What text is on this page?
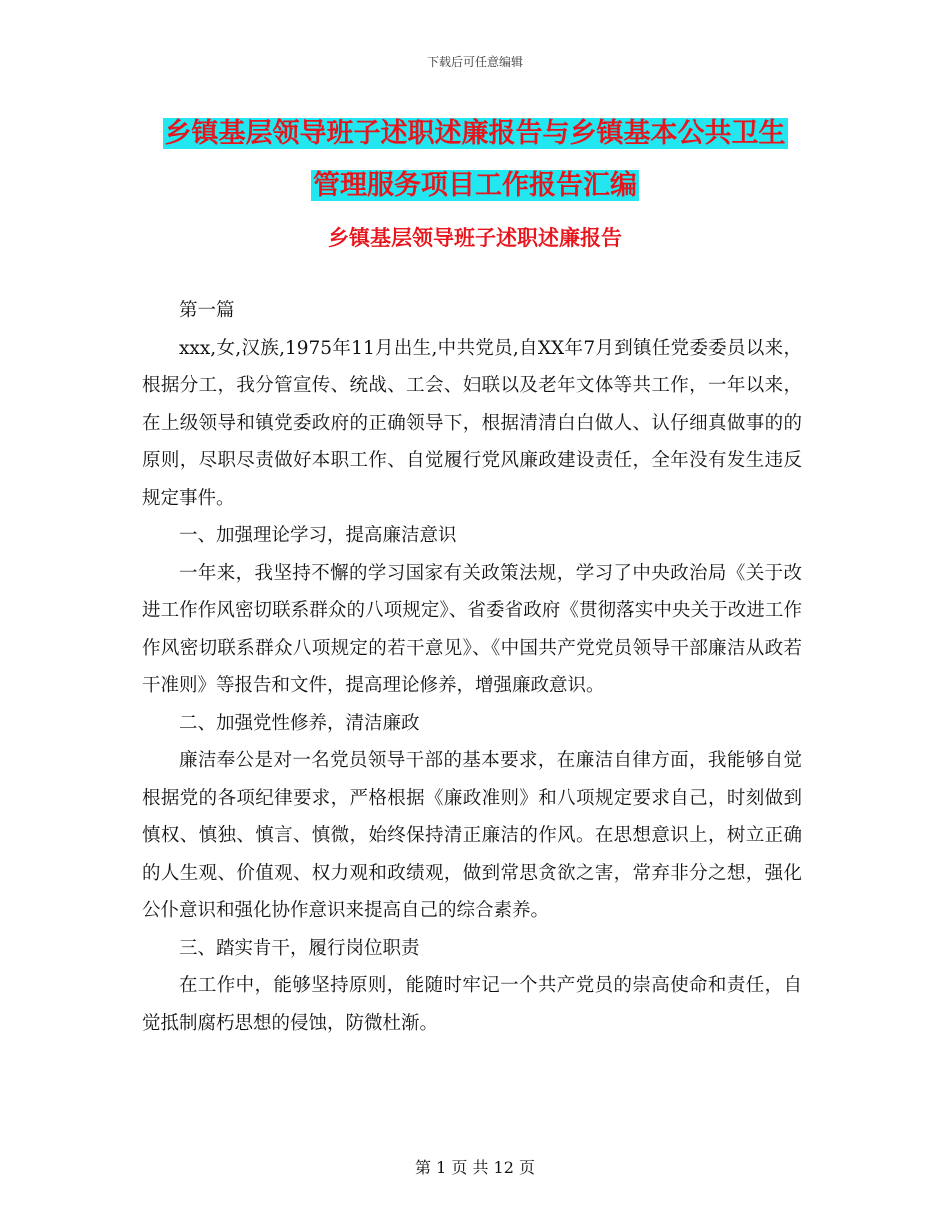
下载后可任意编辑
乡镇基层领导班子述职述廉报告与乡镇基本公共卫生
管理服务项目工作报告汇编
乡镇基层领导班子述职述廉报告

第一篇

xxx,女,汉族,1975年11月出生,中共党员,自XX年7月到镇任党委委员以来，根据分工，我分管宣传、统战、工会、妇联以及老年文体等共工作，一年以来，在上级领导和镇党委政府的正确领导下，根据清清白白做人、认仔细真做事的的原则，尽职尽责做好本职工作、自觉履行党风廉政建设责任，全年没有发生违反规定事件。

一、加强理论学习，提高廉洁意识

一年来，我坚持不懈的学习国家有关政策法规，学习了中央政治局《关于改进工作作风密切联系群众的八项规定》、省委省政府《贯彻落实中央关于改进工作作风密切联系群众八项规定的若干意见》、《中国共产党党员领导干部廉洁从政若干准则》等报告和文件，提高理论修养，增强廉政意识。

二、加强党性修养，清洁廉政

廉洁奉公是对一名党员领导干部的基本要求，在廉洁自律方面，我能够自觉根据党的各项纪律要求，严格根据《廉政准则》和八项规定要求自己，时刻做到慎权、慎独、慎言、慎微，始终保持清正廉洁的作风。在思想意识上，树立正确的人生观、价值观、权力观和政绩观，做到常思贪欲之害，常弃非分之想，强化公仆意识和强化协作意识来提高自己的综合素养。

三、踏实肯干，履行岗位职责

在工作中，能够坚持原则，能随时牢记一个共产党员的崇高使命和责任，自觉抵制腐朽思想的侵蚀，防微杜渐。

第 1 页 共 12 页
